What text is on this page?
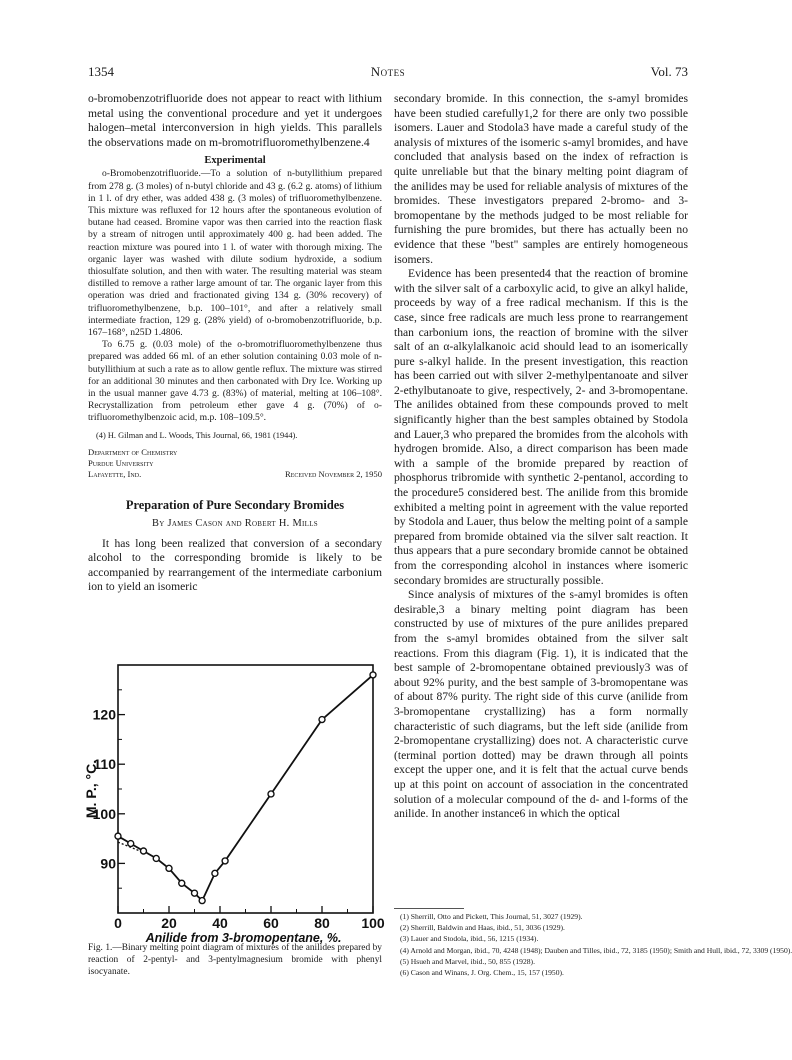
1354	Notes	Vol. 73

o-bromobenzotrifluoride does not appear to react with lithium metal using the conventional procedure and yet it undergoes halogen–metal interconversion in high yields. This parallels the observations made on m-bromotrifluoromethylbenzene.4

Experimental

o-Bromobenzotrifluoride.—To a solution of n-butyllithium prepared from 278 g. (3 moles) of n-butyl chloride and 43 g. (6.2 g. atoms) of lithium in 1 l. of dry ether, was added 438 g. (3 moles) of trifluoromethylbenzene. This mixture was refluxed for 12 hours after the spontaneous evolution of butane had ceased. Bromine vapor was then carried into the reaction flask by a stream of nitrogen until approximately 400 g. had been added. The reaction mixture was poured into 1 l. of water with thorough mixing. The organic layer was washed with dilute sodium hydroxide, a sodium thiosulfate solution, and then with water. The resulting material was steam distilled to remove a rather large amount of tar. The organic layer from this operation was dried and fractionated giving 134 g. (30% recovery) of trifluoromethylbenzene, b.p. 100–101°, and after a relatively small intermediate fraction, 129 g. (28% yield) of o-bromobenzotrifluoride, b.p. 167–168°, n25D 1.4806.

To 6.75 g. (0.03 mole) of the o-bromotrifluoromethylbenzene thus prepared was added 66 ml. of an ether solution containing 0.03 mole of n-butyllithium at such a rate as to allow gentle reflux. The mixture was stirred for an additional 30 minutes and then carbonated with Dry Ice. Working up in the usual manner gave 4.73 g. (83%) of material, melting at 106–108°. Recrystallization from petroleum ether gave 4 g. (70%) of o-trifluoromethylbenzoic acid, m.p. 108–109.5°.

(4) H. Gilman and L. Woods, This Journal, 66, 1981 (1944).
Department of Chemistry
Purdue University
Lafayette, Ind.	Received November 2, 1950
Preparation of Pure Secondary Bromides
By James Cason and Robert H. Mills

It has long been realized that conversion of a secondary alcohol to the corresponding bromide is likely to be accompanied by rearrangement of the intermediate carbonium ion to yield an isomeric

0	20	40	60	80 100
90
100
110
120
Anilide from 3-bromopentane, %.
M. P., °C.
Fig. 1.—Binary melting point diagram of mixtures of the anilides prepared by reaction of 2-pentyl- and 3-pentylmagnesium bromide with phenyl isocyanate.

secondary bromide. In this connection, the s-amyl bromides have been studied carefully1,2 for there are only two possible isomers. Lauer and Stodola3 have made a careful study of the analysis of mixtures of the isomeric s-amyl bromides, and have concluded that analysis based on the index of refraction is quite unreliable but that the binary melting point diagram of the anilides may be used for reliable analysis of mixtures of the bromides. These investigators prepared 2-bromo- and 3-bromopentane by the methods judged to be most reliable for furnishing the pure bromides, but there has actually been no evidence that these "best" samples are entirely homogeneous isomers.

Evidence has been presented4 that the reaction of bromine with the silver salt of a carboxylic acid, to give an alkyl halide, proceeds by way of a free radical mechanism. If this is the case, since free radicals are much less prone to rearrangement than carbonium ions, the reaction of bromine with the silver salt of an α-alkylalkanoic acid should lead to an isomerically pure s-alkyl halide. In the present investigation, this reaction has been carried out with silver 2-methylpentanoate and silver 2-ethylbutanoate to give, respectively, 2- and 3-bromopentane. The anilides obtained from these compounds proved to melt significantly higher than the best samples obtained by Stodola and Lauer,3 who prepared the bromides from the alcohols with hydrogen bromide. Also, a direct comparison has been made with a sample of the bromide prepared by reaction of phosphorus tribromide with synthetic 2-pentanol, according to the procedure5 considered best. The anilide from this bromide exhibited a melting point in agreement with the value reported by Stodola and Lauer, thus below the melting point of a sample prepared from bromide obtained via the silver salt reaction. It thus appears that a pure secondary bromide cannot be obtained from the corresponding alcohol in instances where isomeric secondary bromides are structurally possible.

Since analysis of mixtures of the s-amyl bromides is often desirable,3 a binary melting point diagram has been constructed by use of mixtures of the pure anilides prepared from the s-amyl bromides obtained from the silver salt reactions. From this diagram (Fig. 1), it is indicated that the best sample of 2-bromopentane obtained previously3 was of about 92% purity, and the best sample of 3-bromopentane was of about 87% purity. The right side of this curve (anilide from 3-bromopentane crystallizing) has a form normally characteristic of such diagrams, but the left side (anilide from 2-bromopentane crystallizing) does not. A characteristic curve (terminal portion dotted) may be drawn through all points except the upper one, and it is felt that the actual curve bends up at this point on account of association in the concentrated solution of a molecular compound of the d- and l-forms of the anilide. In another instance6 in which the optical

(1) Sherrill, Otto and Pickett, This Journal, 51, 3027 (1929).
(2) Sherrill, Baldwin and Haas, ibid., 51, 3036 (1929).
(3) Lauer and Stodola, ibid., 56, 1215 (1934).
(4) Arnold and Morgan, ibid., 70, 4248 (1948); Dauben and Tilles, ibid., 72, 3185 (1950); Smith and Hull, ibid., 72, 3309 (1950).
(5) Hsueh and Marvel, ibid., 50, 855 (1928).
(6) Cason and Winans, J. Org. Chem., 15, 157 (1950).
